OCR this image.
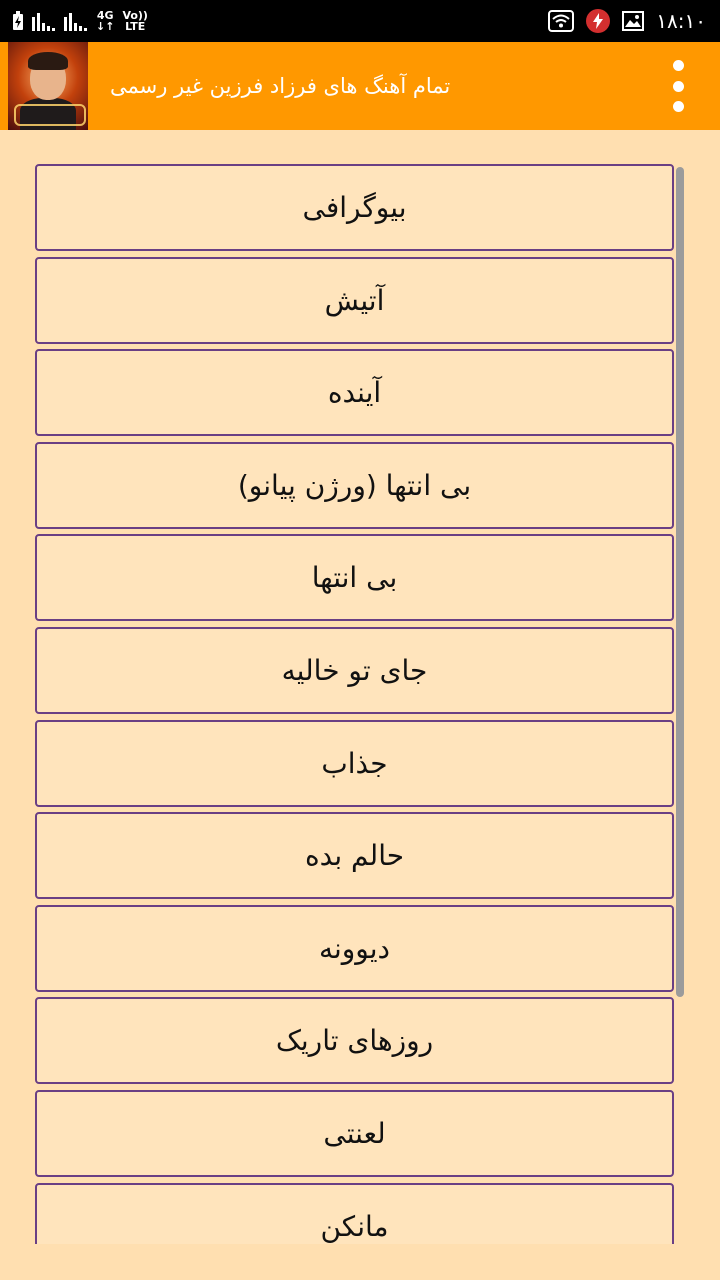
4G
↓↑
Vo))
LTE	۱۸:۱۰
تمام آهنگ های فرزاد فرزین غیر رسمی
بیوگرافی
آتیش
آینده
بی انتها (ورژن پیانو)
بی انتها
جای تو خالیه
جذاب
حالم بده
دیوونه
روزهای تاریک
لعنتی
مانکن
